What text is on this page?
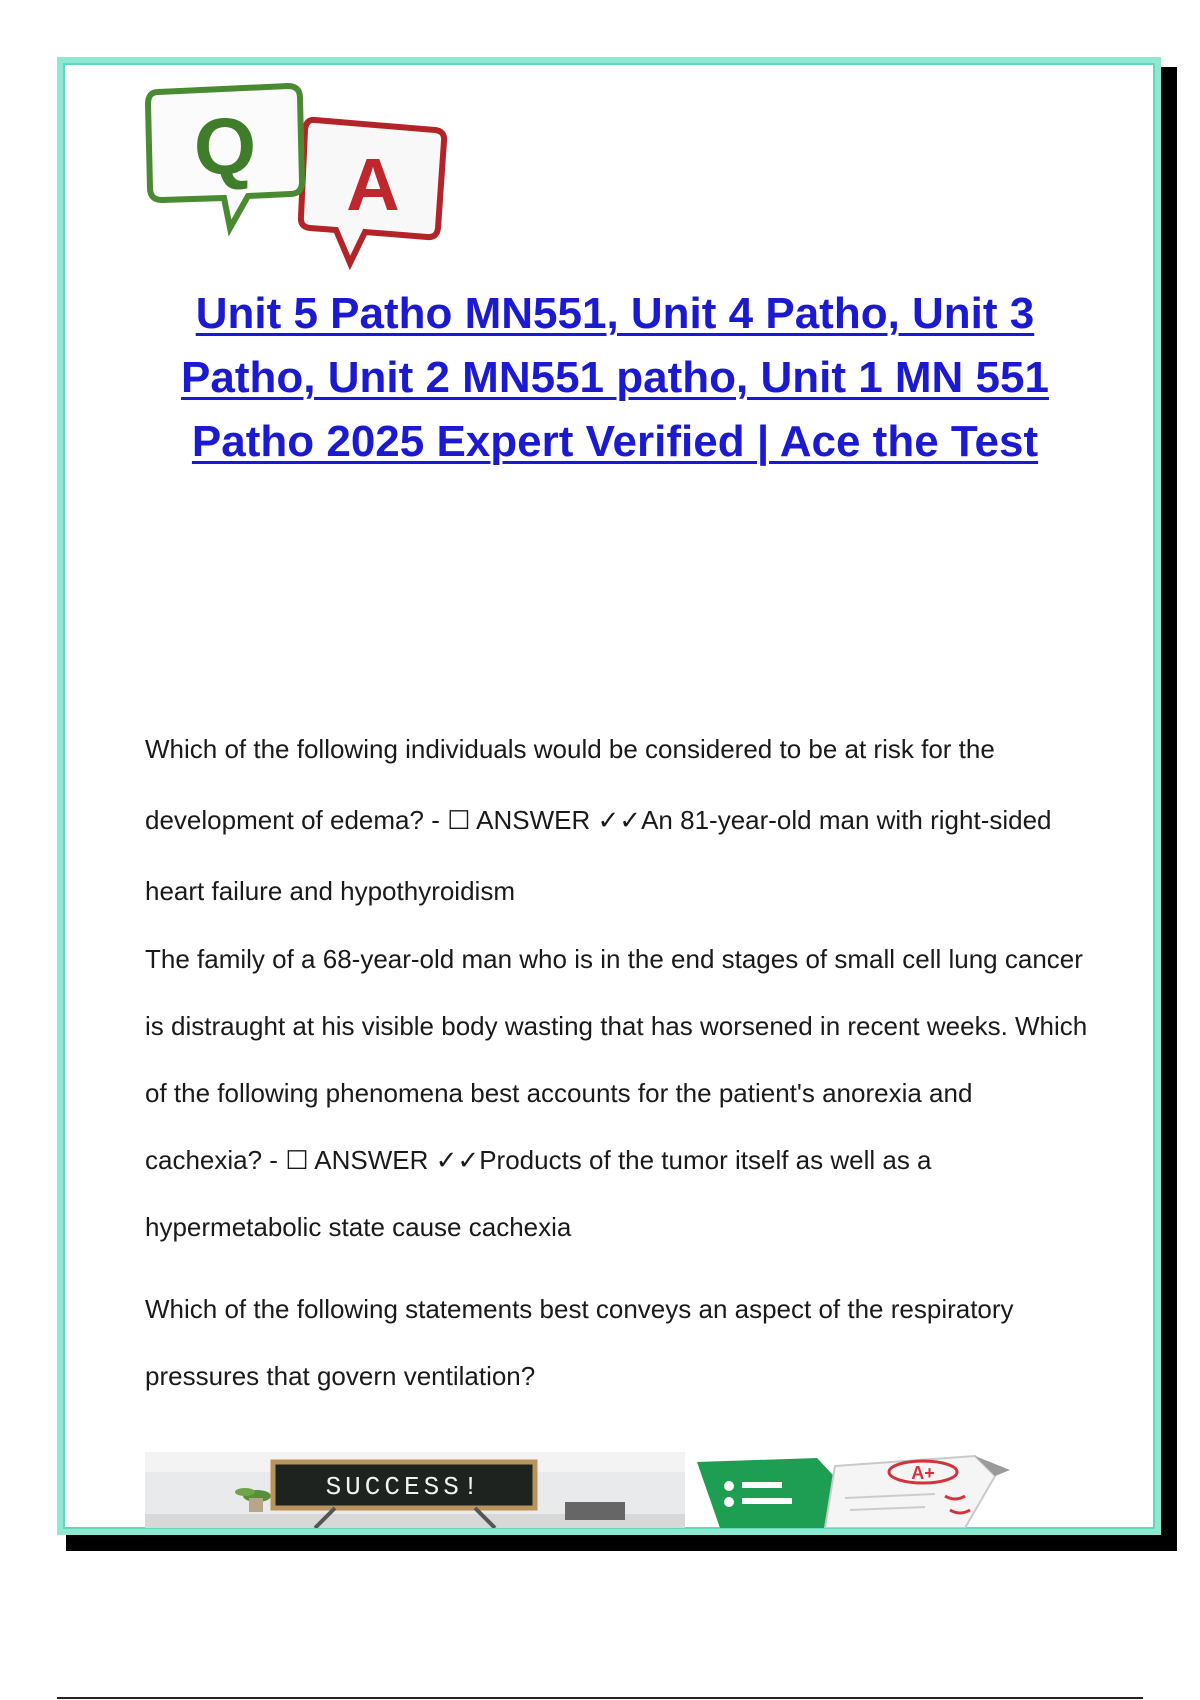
A
Q
Unit 5 Patho MN551, Unit 4 Patho, Unit 3 Patho, Unit 2 MN551 patho, Unit 1 MN 551 Patho 2025 Expert Verified | Ace the Test

Which of the following individuals would be considered to be at risk for the development of edema? - ☐ ANSWER ✓✓An 81-year-old man with right-sided heart failure and hypothyroidism

The family of a 68-year-old man who is in the end stages of small cell lung cancer is distraught at his visible body wasting that has worsened in recent weeks. Which of the following phenomena best accounts for the patient's anorexia and cachexia? - ☐ ANSWER ✓✓Products of the tumor itself as well as a hypermetabolic state cause cachexia

Which of the following statements best conveys an aspect of the respiratory pressures that govern ventilation?

SUCCESS!	A+
